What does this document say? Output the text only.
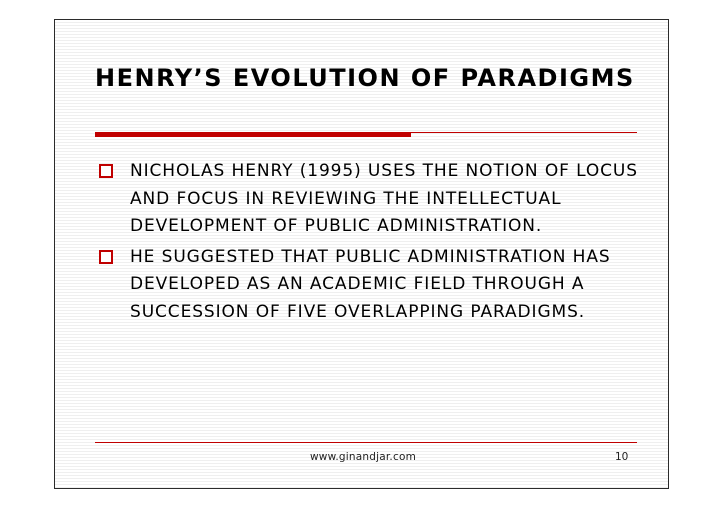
HENRY’S EVOLUTION OF PARADIGMS
NICHOLAS HENRY (1995) USES THE NOTION OF LOCUS AND FOCUS IN REVIEWING THE INTELLECTUAL DEVELOPMENT OF PUBLIC ADMINISTRATION.
HE SUGGESTED THAT PUBLIC ADMINISTRATION HAS DEVELOPED AS AN ACADEMIC FIELD THROUGH A SUCCESSION OF FIVE OVERLAPPING PARADIGMS.
www.ginandjar.com	10
